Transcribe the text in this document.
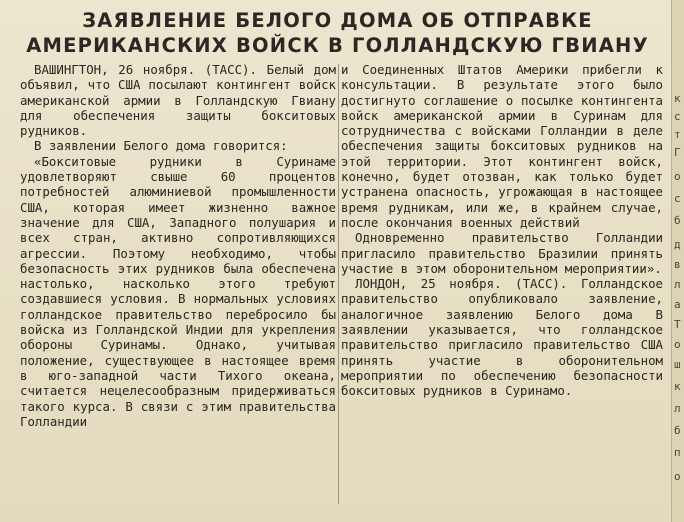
ЗАЯВЛЕНИЕ БЕЛОГО ДОМА ОБ ОТПРАВКЕ
АМЕРИКАНСКИХ ВОЙСК В ГОЛЛАНДСКУЮ ГВИАНУ

ВАШИНГТОН, 26 ноября. (ТАСС). Белый дом объявил, что США посылают контингент войск американской армии в Голландскую Гвиану для обеспечения защиты бокситовых рудников.

В заявлении Белого дома говорится:

«Бокситовые рудники в Суринаме удовлетворяют свыше 60 процентов потребностей алюминиевой промышленности США, которая имеет жизненно важное значение для США, Западного полушария и всех стран, активно сопротивляющихся агрессии. Поэтому необходимо, чтобы безопасность этих рудников была обеспечена настолько, насколько этого требуют создавшиеся условия. В нормальных условиях голландское правительство перебросило бы войска из Голландской Индии для укрепления обороны Суринамы. Однако, учитывая положение, существующее в настоящее время в юго-западной части Тихого океана, считается нецелесообразным придерживаться такого курса. В связи с этим правительства Голландии

и Соединенных Штатов Америки прибегли к консультации. В результате этого было достигнуто соглашение о посылке контингента войск американской армии в Суринам для сотрудничества с войсками Голландии в деле обеспечения защиты бокситовых рудников на этой территории. Этот контингент войск, конечно, будет отозван, как только будет устранена опасность, угрожающая в настоящее время рудникам, или же, в крайнем случае, после окончания военных действий

Одновременно правительство Голландии пригласило правительство Бразилии принять участие в этом оборонительном мероприятии».

ЛОНДОН, 25 ноября. (ТАСС). Голландское правительство опубликовало заявление, аналогичное заявлению Белого дома В заявлении указывается, что голландское правительство пригласило правительство США принять участие в оборонительном мероприятии по обеспечению безопасности бокситовых рудников в Суринамо.

к
с
т
Г
о
с
б
д
в
л
а
Т
о
ш
к
л
б
п
о
